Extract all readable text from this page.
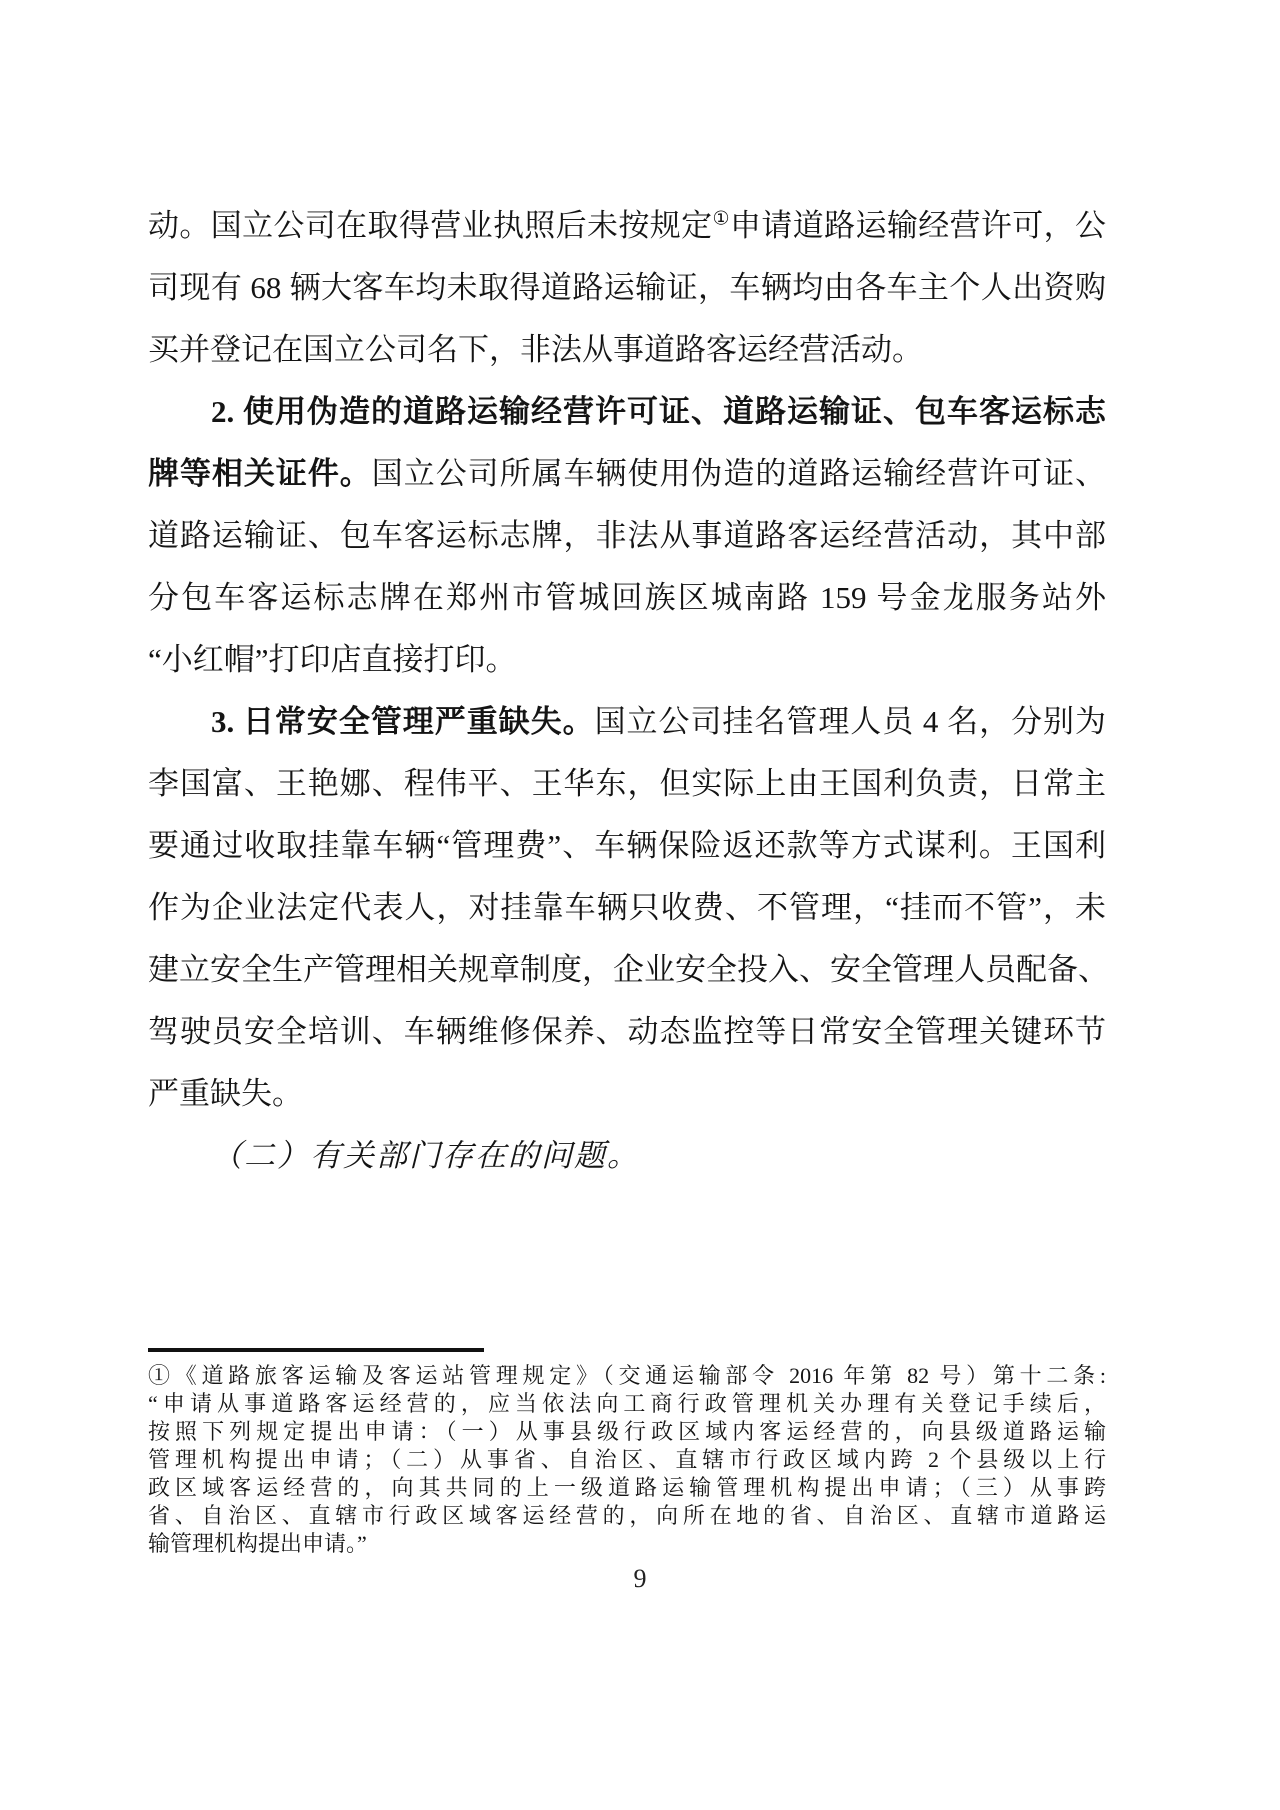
动。国立公司在取得营业执照后未按规定①申请道路运输经营许可，公
司现有 68 辆大客车均未取得道路运输证，车辆均由各车主个人出资购
买并登记在国立公司名下，非法从事道路客运经营活动。
2. 使用伪造的道路运输经营许可证、道路运输证、包车客运标志
牌等相关证件。国立公司所属车辆使用伪造的道路运输经营许可证、
道路运输证、包车客运标志牌，非法从事道路客运经营活动，其中部
分包车客运标志牌在郑州市管城回族区城南路 159 号金龙服务站外
“小红帽”打印店直接打印。
3. 日常安全管理严重缺失。国立公司挂名管理人员 4 名，分别为
李国富、王艳娜、程伟平、王华东，但实际上由王国利负责，日常主
要通过收取挂靠车辆“管理费”、车辆保险返还款等方式谋利。王国利
作为企业法定代表人，对挂靠车辆只收费、不管理，“挂而不管”，未
建立安全生产管理相关规章制度，企业安全投入、安全管理人员配备、
驾驶员安全培训、车辆维修保养、动态监控等日常安全管理关键环节
严重缺失。
（二）有关部门存在的问题。
①《道路旅客运输及客运站管理规定》（交通运输部令 2016 年第 82 号）第十二条:
“申请从事道路客运经营的，应当依法向工商行政管理机关办理有关登记手续后，
按照下列规定提出申请：（一）从事县级行政区域内客运经营的，向县级道路运输
管理机构提出申请；（二）从事省、自治区、直辖市行政区域内跨 2 个县级以上行
政区域客运经营的，向其共同的上一级道路运输管理机构提出申请；（三）从事跨
省、自治区、直辖市行政区域客运经营的，向所在地的省、自治区、直辖市道路运
输管理机构提出申请。”
9
